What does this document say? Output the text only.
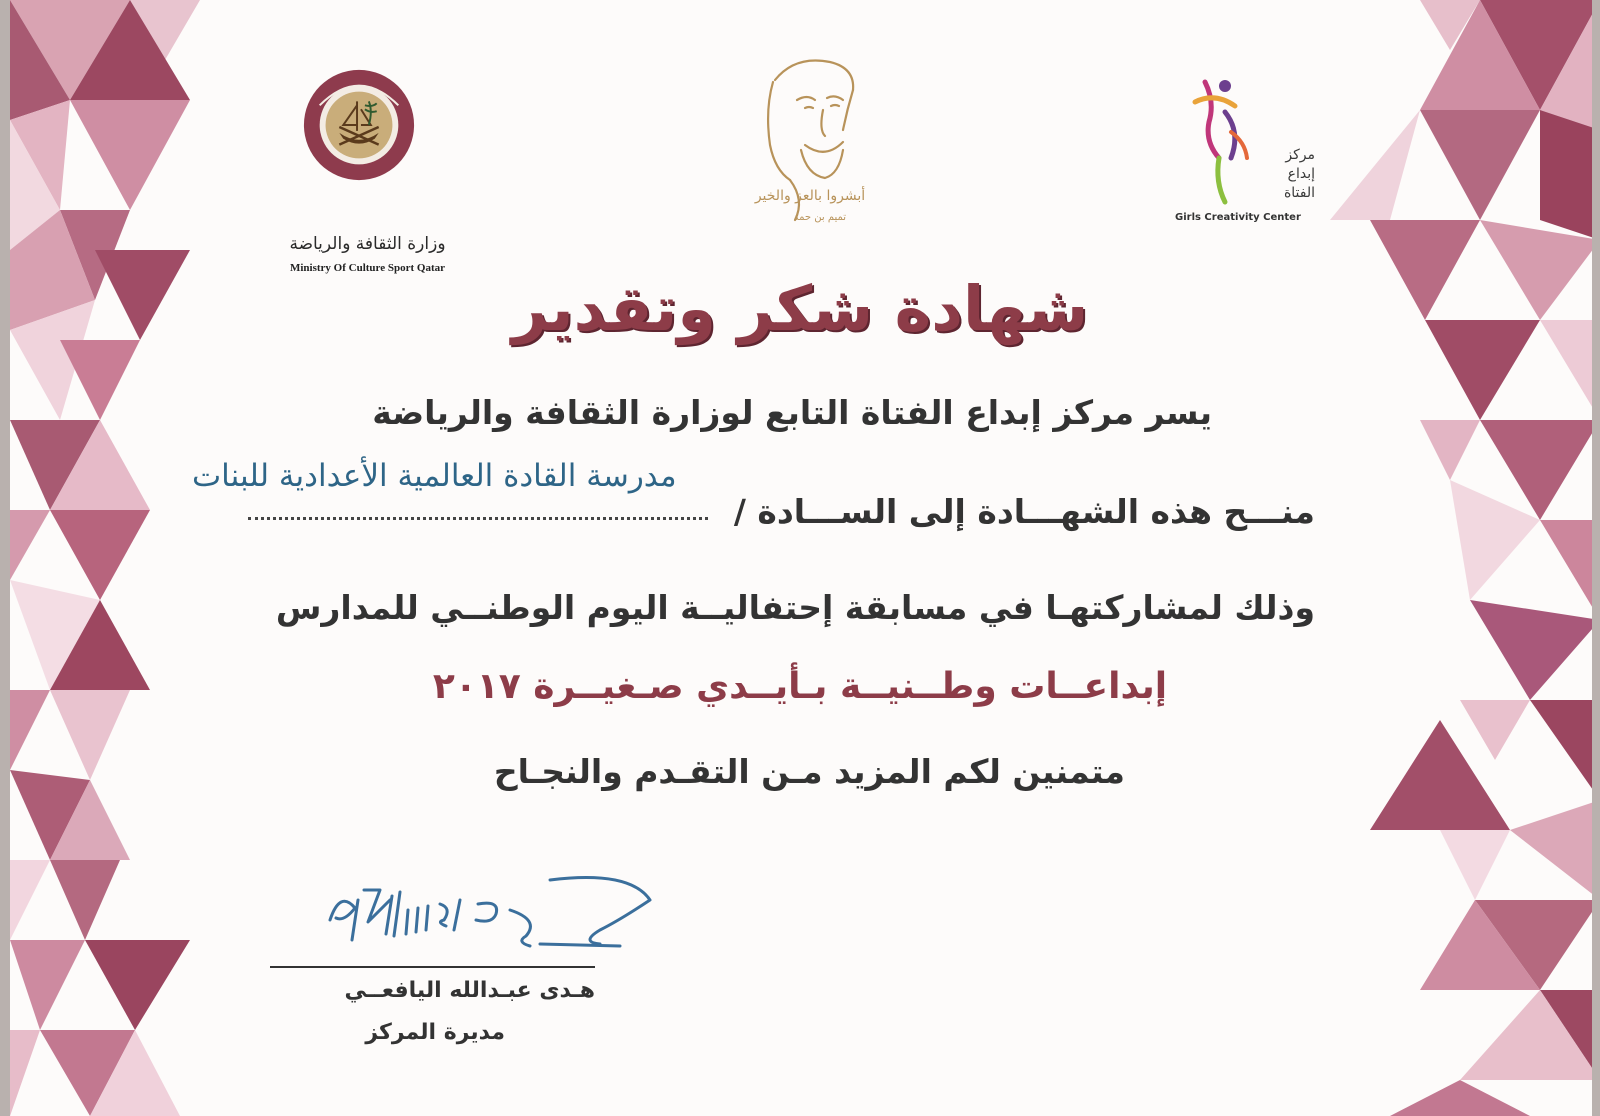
وزارة الثقافة والرياضة
Ministry Of Culture Sport Qatar
أبشروا بالعز والخير
تميم بن حمد
مركز
إبداع
الفتاة
Girls Creativity Center
شهادة شكر وتقدير
يسر مركز إبداع الفتاة التابع لوزارة الثقافة والرياضة
مدرسة القادة العالمية الأعدادية للبنات
منـــح هذه الشهـــادة إلى الســـادة /
وذلك لمشاركتهـا في مسابقة إحتفاليــة اليوم الوطنــي للمدارس
إبداعــات وطــنيــة بـأيــدي صـغيــرة ٢٠١٧
متمنين لكم المزيد مـن التقـدم والنجـاح
هـدى عبـدالله اليافعــي
مديرة المركز
